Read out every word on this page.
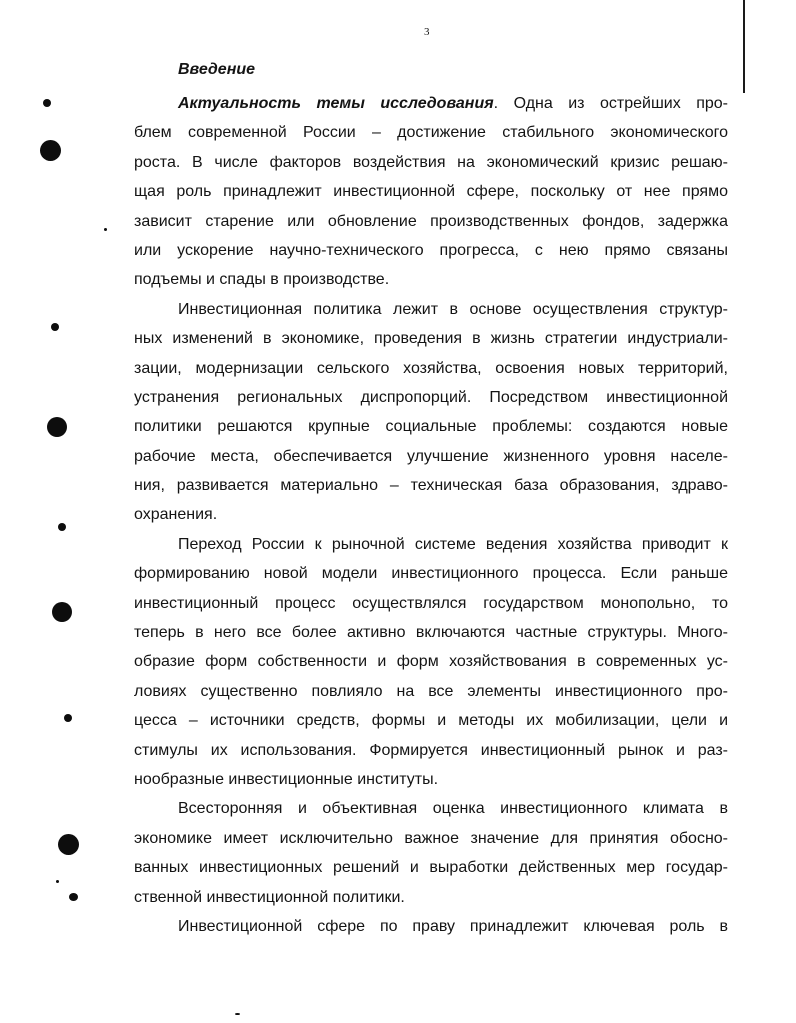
3
Введение
Актуальность темы исследования. Одна из острейших про-
блем современной России – достижение стабильного экономического
роста. В числе факторов воздействия на экономический кризис решаю-
щая роль принадлежит инвестиционной сфере, поскольку от нее прямо
зависит старение или обновление производственных фондов, задержка
или ускорение научно-технического прогресса, с нею прямо связаны
подъемы и спады в производстве.
Инвестиционная политика лежит в основе осуществления структур-
ных изменений в экономике, проведения в жизнь стратегии индустриали-
зации, модернизации сельского хозяйства, освоения новых территорий,
устранения региональных диспропорций. Посредством инвестиционной
политики решаются крупные социальные проблемы: создаются новые
рабочие места, обеспечивается улучшение жизненного уровня населе-
ния, развивается материально – техническая база образования, здраво-
охранения.
Переход России к рыночной системе ведения хозяйства приводит к
формированию новой модели инвестиционного процесса. Если раньше
инвестиционный процесс осуществлялся государством монопольно, то
теперь в него все более активно включаются частные структуры. Много-
образие форм собственности и форм хозяйствования в современных ус-
ловиях существенно повлияло на все элементы инвестиционного про-
цесса – источники средств, формы и методы их мобилизации, цели и
стимулы их использования. Формируется инвестиционный рынок и раз-
нообразные инвестиционные институты.
Всесторонняя и объективная оценка инвестиционного климата в
экономике имеет исключительно важное значение для принятия обосно-
ванных инвестиционных решений и выработки действенных мер государ-
ственной инвестиционной политики.
Инвестиционной сфере по праву принадлежит ключевая роль в
